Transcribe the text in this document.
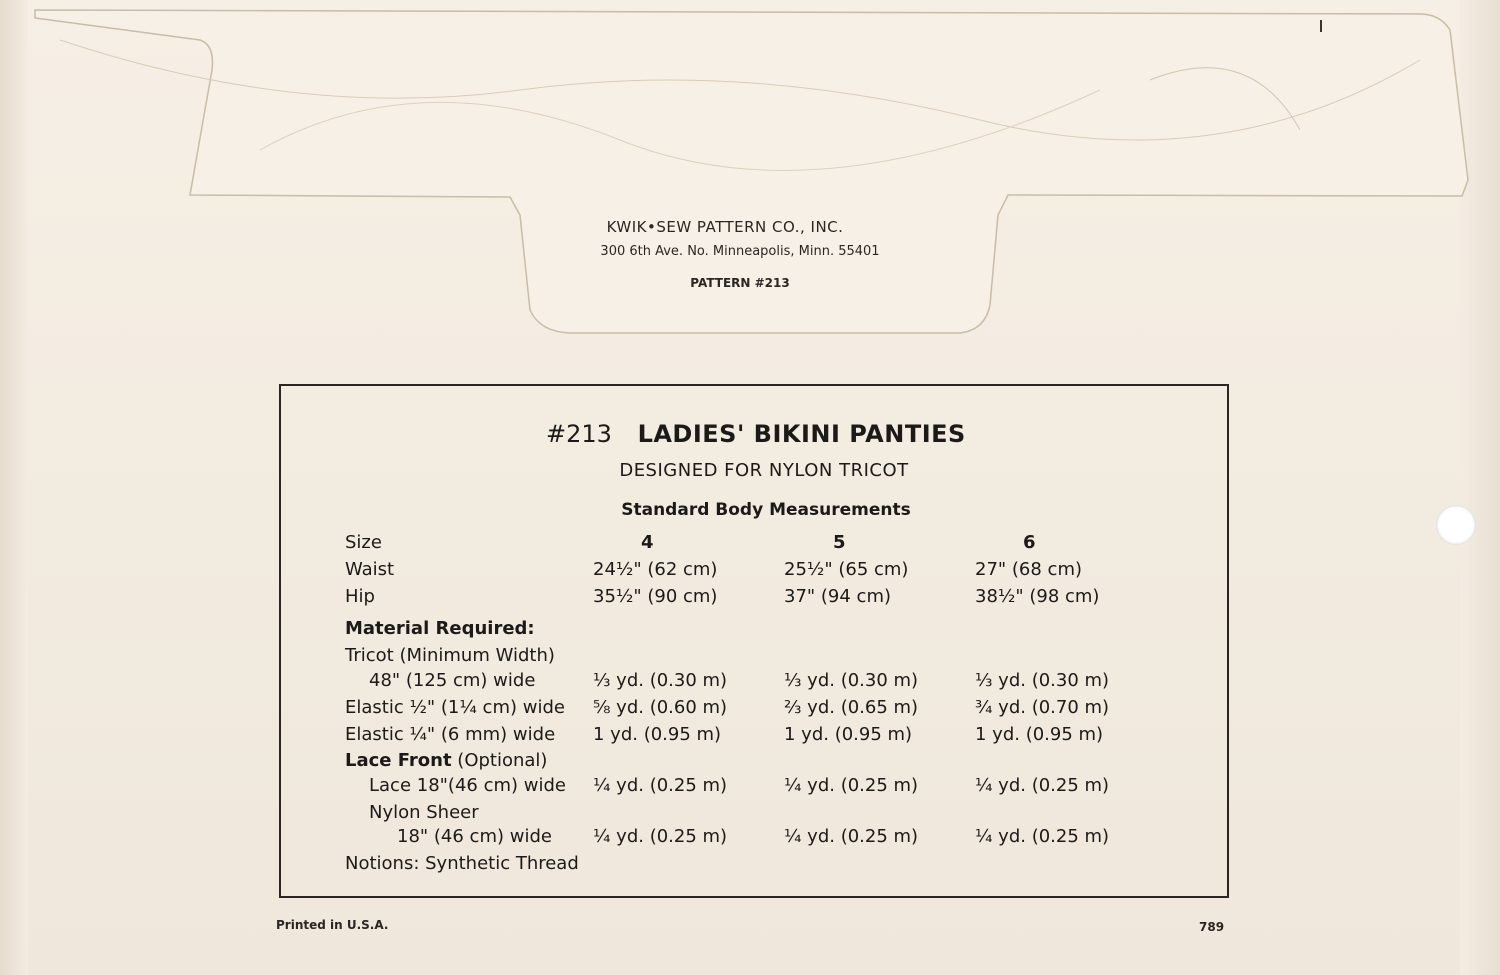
KWIK•SEW PATTERN CO., INC.
300 6th Ave. No. Minneapolis, Minn. 55401
PATTERN #213
#213 LADIES' BIKINI PANTIES
DESIGNED FOR NYLON TRICOT
Standard Body Measurements
Size	4	5	6
Waist	24½" (62 cm)	25½" (65 cm)	27" (68 cm)
Hip	35½" (90 cm)	37" (94 cm)	38½" (98 cm)
Material Required:
Tricot (Minimum Width)
48" (125 cm) wide	⅓ yd. (0.30 m)	⅓ yd. (0.30 m)	⅓ yd. (0.30 m)
Elastic ½" (1¼ cm) wide ⅝ yd. (0.60 m)	⅔ yd. (0.65 m)	¾ yd. (0.70 m)
Elastic ¼" (6 mm) wide 1 yd. (0.95 m)	1 yd. (0.95 m)	1 yd. (0.95 m)
Lace Front (Optional)
Lace 18"(46 cm) wide ¼ yd. (0.25 m)	¼ yd. (0.25 m)	¼ yd. (0.25 m)
Nylon Sheer
18" (46 cm) wide ¼ yd. (0.25 m)	¼ yd. (0.25 m)	¼ yd. (0.25 m)
Notions: Synthetic Thread
Printed in U.S.A.	789
